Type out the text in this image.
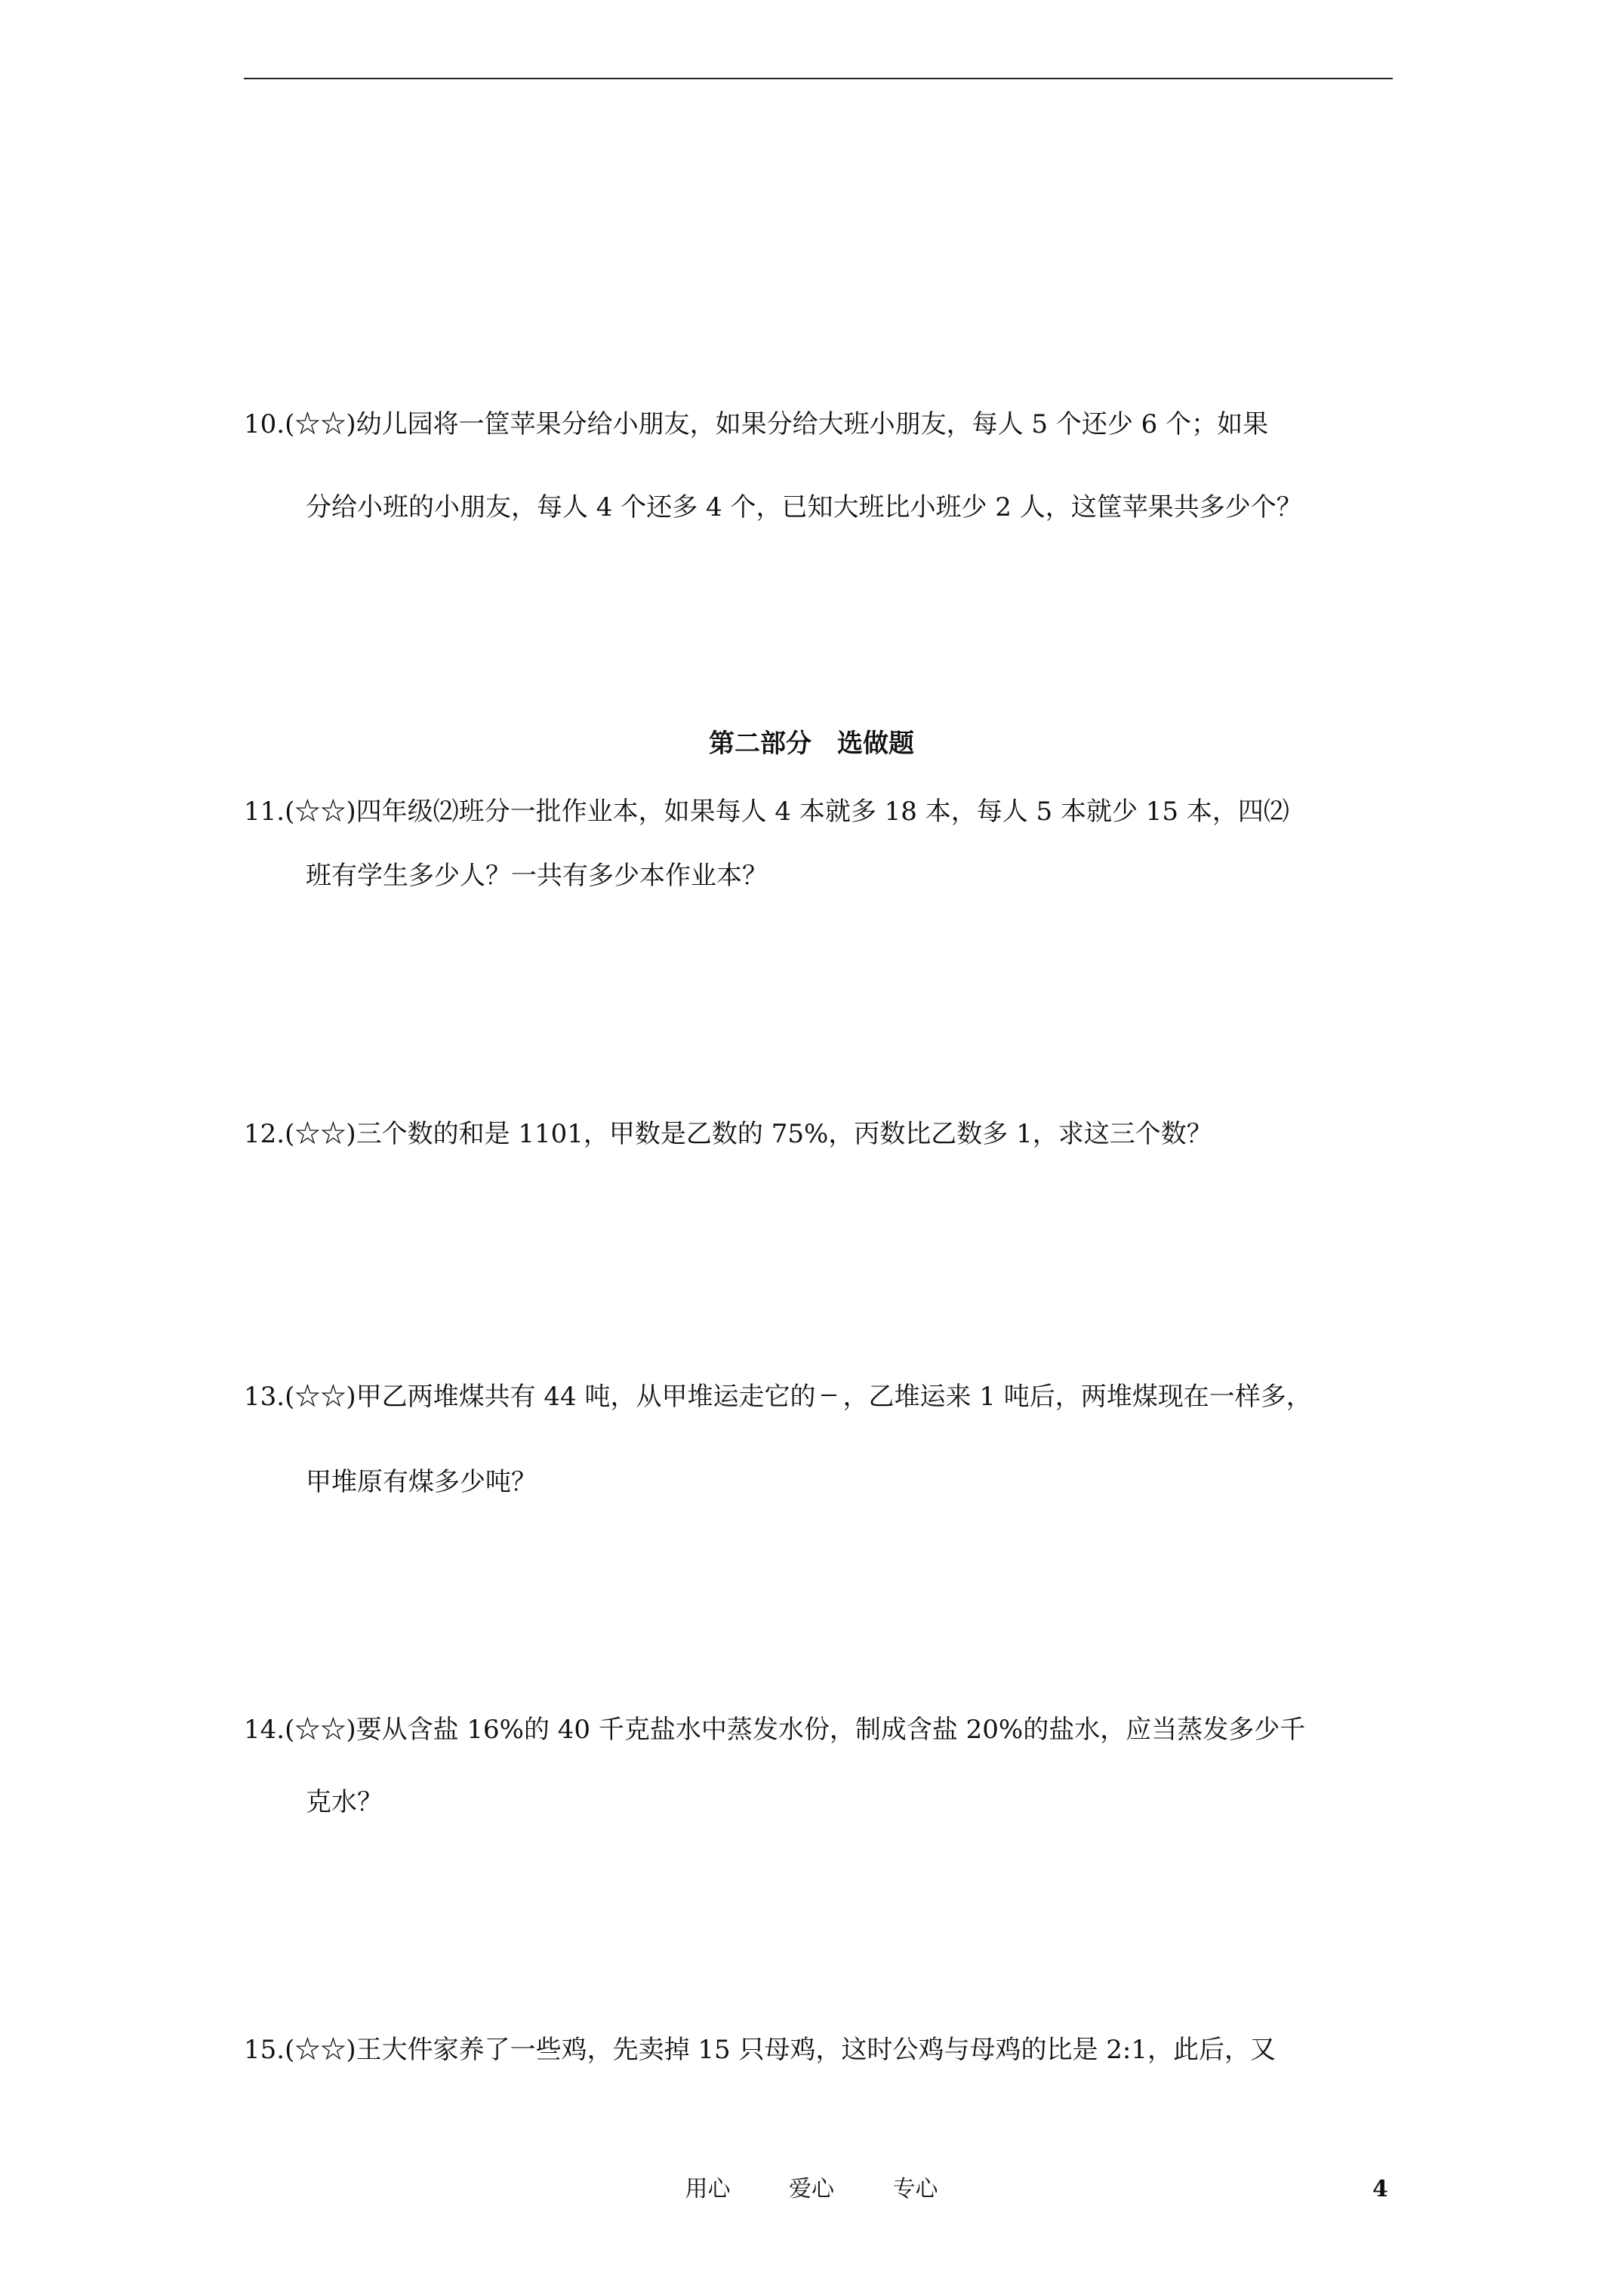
10.(☆☆)幼儿园将一筐苹果分给小朋友，如果分给大班小朋友，每人 5 个还少 6 个；如果
分给小班的小朋友，每人 4 个还多 4 个，已知大班比小班少 2 人，这筐苹果共多少个？
第二部分　选做题
11.(☆☆)四年级⑵班分一批作业本，如果每人 4 本就多 18 本，每人 5 本就少 15 本，四⑵
班有学生多少人？一共有多少本作业本？
12.(☆☆)三个数的和是 1101，甲数是乙数的 75%，丙数比乙数多 1，求这三个数？
13.(☆☆)甲乙两堆煤共有 44 吨，从甲堆运走它的 ，乙堆运来 1 吨后，两堆煤现在一样多，
甲堆原有煤多少吨？
14.(☆☆)要从含盐 16%的 40 千克盐水中蒸发水份，制成含盐 20%的盐水，应当蒸发多少千
克水？
15.(☆☆)王大件家养了一些鸡，先卖掉 15 只母鸡，这时公鸡与母鸡的比是 2:1，此后，又
用心	爱心	专心	4
